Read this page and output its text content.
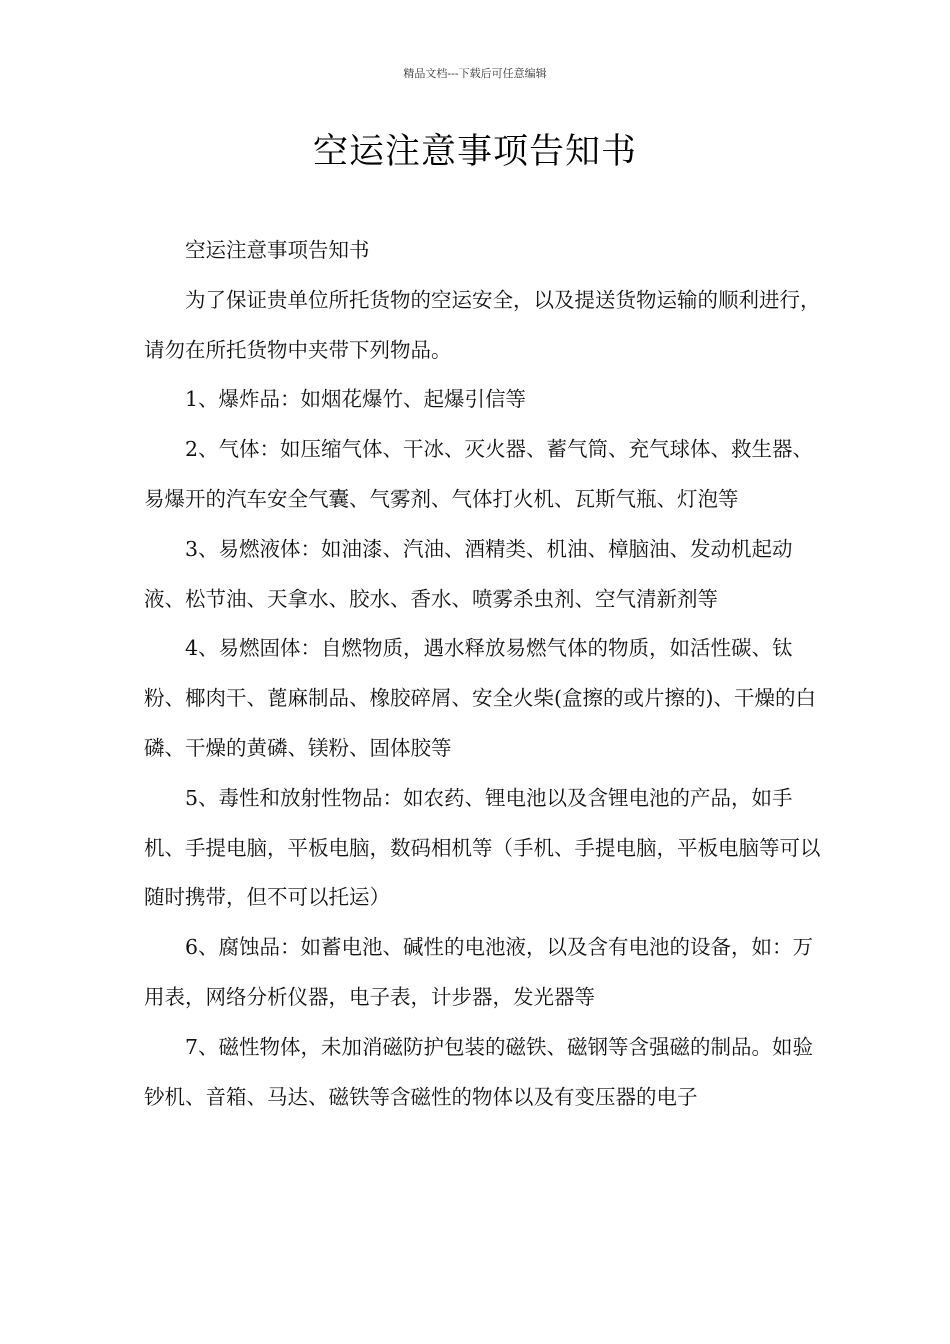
精品文档---下载后可任意编辑
空运注意事项告知书

空运注意事项告知书

为了保证贵单位所托货物的空运安全，以及提送货物运输的顺利进行，请勿在所托货物中夹带下列物品。

1、爆炸品：如烟花爆竹、起爆引信等

2、气体：如压缩气体、干冰、灭火器、蓄气筒、充气球体、救生器、易爆开的汽车安全气囊、气雾剂、气体打火机、瓦斯气瓶、灯泡等

3、易燃液体：如油漆、汽油、酒精类、机油、樟脑油、发动机起动液、松节油、天拿水、胶水、香水、喷雾杀虫剂、空气清新剂等

4、易燃固体：自燃物质，遇水释放易燃气体的物质，如活性碳、钛粉、椰肉干、蓖麻制品、橡胶碎屑、安全火柴(盒擦的或片擦的)、干燥的白磷、干燥的黄磷、镁粉、固体胶等

5、毒性和放射性物品：如农药、锂电池以及含锂电池的产品，如手机、手提电脑，平板电脑，数码相机等（手机、手提电脑，平板电脑等可以随时携带，但不可以托运）

6、腐蚀品：如蓄电池、碱性的电池液，以及含有电池的设备，如：万用表，网络分析仪器，电子表，计步器，发光器等

7、磁性物体，未加消磁防护包装的磁铁、磁钢等含强磁的制品。如验钞机、音箱、马达、磁铁等含磁性的物体以及有变压器的电子
